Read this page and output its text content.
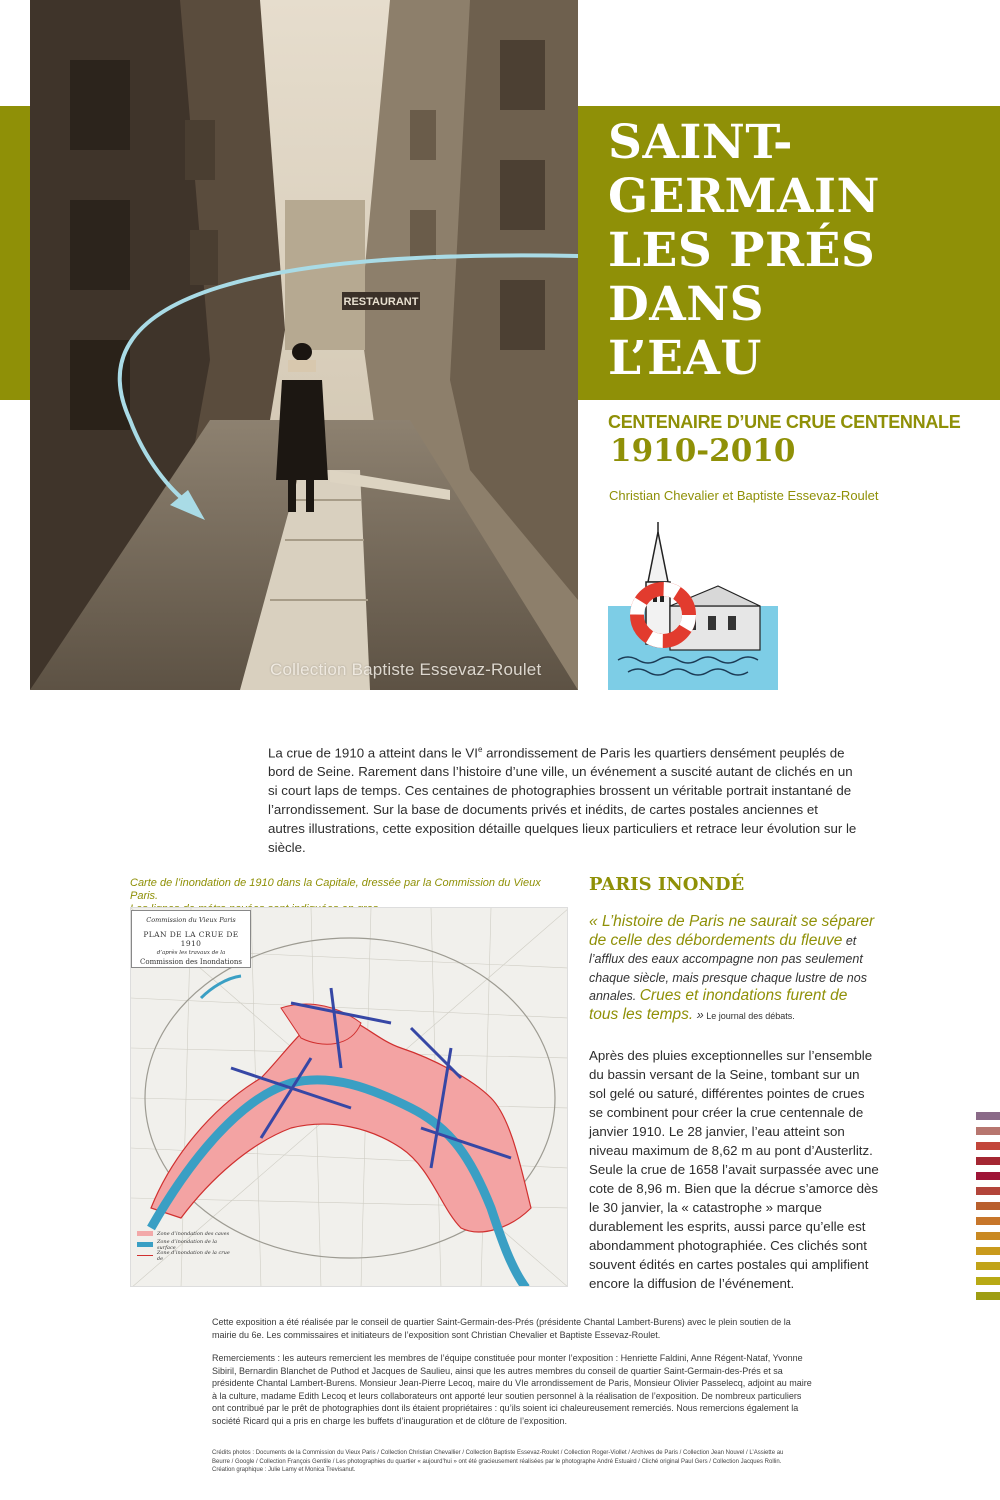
RESTAURANT
Collection Baptiste Essevaz-Roulet
SAINT-
GERMAIN
LES PRÉS
DANS
L’EAU
CENTENAIRE D’UNE CRUE CENTENNALE
1910-2010
Christian Chevalier et Baptiste Essevaz-Roulet
La crue de 1910 a atteint dans le VIe arrondissement de Paris les quartiers densément peuplés de bord de Seine. Rarement dans l’histoire d’une ville, un événement a suscité autant de clichés en un si court laps de temps. Ces centaines de photographies brossent un véritable portrait instantané de l’arrondissement. Sur la base de documents privés et inédits, de cartes postales anciennes et autres illustrations, cette exposition détaille quelques lieux particuliers et retrace leur évolution sur le siècle.
Carte de l’inondation de 1910 dans la Capitale, dressée par la Commission du Vieux Paris.
Commission du Vieux Paris
PLAN DE LA CRUE DE 1910
d’après les travaux de la
Commission des Inondations
Zone d’inondation des caves
Zone d’inondation de la surface
Zone d’inondation de la crue de
PARIS INONDÉ
« L’histoire de Paris ne saurait se séparer de celle des débordements du fleuve et l’afflux des eaux accompagne non pas seulement chaque siècle, mais presque chaque lustre de nos annales. Crues et inondations furent de tous les temps. » Le journal des débats.
Après des pluies exceptionnelles sur l’ensemble du bassin versant de la Seine, tombant sur un sol gelé ou saturé, différentes pointes de crues se combinent pour créer la crue centennale de janvier 1910. Le 28 janvier, l’eau atteint son niveau maximum de 8,62 m au pont d’Austerlitz. Seule la crue de 1658 l’avait surpassée avec une cote de 8,96 m. Bien que la décrue s’amorce dès le 30 janvier, la « catastrophe » marque durablement les esprits, aussi parce qu’elle est abondamment photographiée. Ces clichés sont souvent édités en cartes postales qui amplifient encore la diffusion de l’événement.

Cette exposition a été réalisée par le conseil de quartier Saint-Germain-des-Prés (présidente Chantal Lambert-Burens) avec le plein soutien de la mairie du 6e. Les commissaires et initiateurs de l’exposition sont Christian Chevalier et Baptiste Essevaz-Roulet.

Remerciements : les auteurs remercient les membres de l’équipe constituée pour monter l’exposition : Henriette Faldini, Anne Régent-Nataf, Yvonne Sibiril, Bernardin Blanchet de Puthod et Jacques de Saulieu, ainsi que les autres membres du conseil de quartier Saint-Germain-des-Prés et sa présidente Chantal Lambert-Burens. Monsieur Jean-Pierre Lecoq, maire du VIe arrondissement de Paris, Monsieur Olivier Passelecq, adjoint au maire à la culture, madame Edith Lecoq et leurs collaborateurs ont apporté leur soutien personnel à la réalisation de l’exposition. De nombreux particuliers ont contribué par le prêt de photographies dont ils étaient propriétaires : qu’ils soient ici chaleureusement remerciés. Nous remercions également la société Ricard qui a pris en charge les buffets d’inauguration et de clôture de l’exposition.

Crédits photos : Documents de la Commission du Vieux Paris / Collection Christian Chevallier / Collection Baptiste Essevaz-Roulet / Collection Roger-Viollet / Archives de Paris / Collection Jean Nouvel / L’Assiette au Beurre / Google / Collection François Gentile / Les photographies du quartier « aujourd’hui » ont été gracieusement réalisées par le photographe André Estuaird / Cliché original Paul Gers / Collection Jacques Rollin. Création graphique : Julie Lamy et Monica Trevisanut.
